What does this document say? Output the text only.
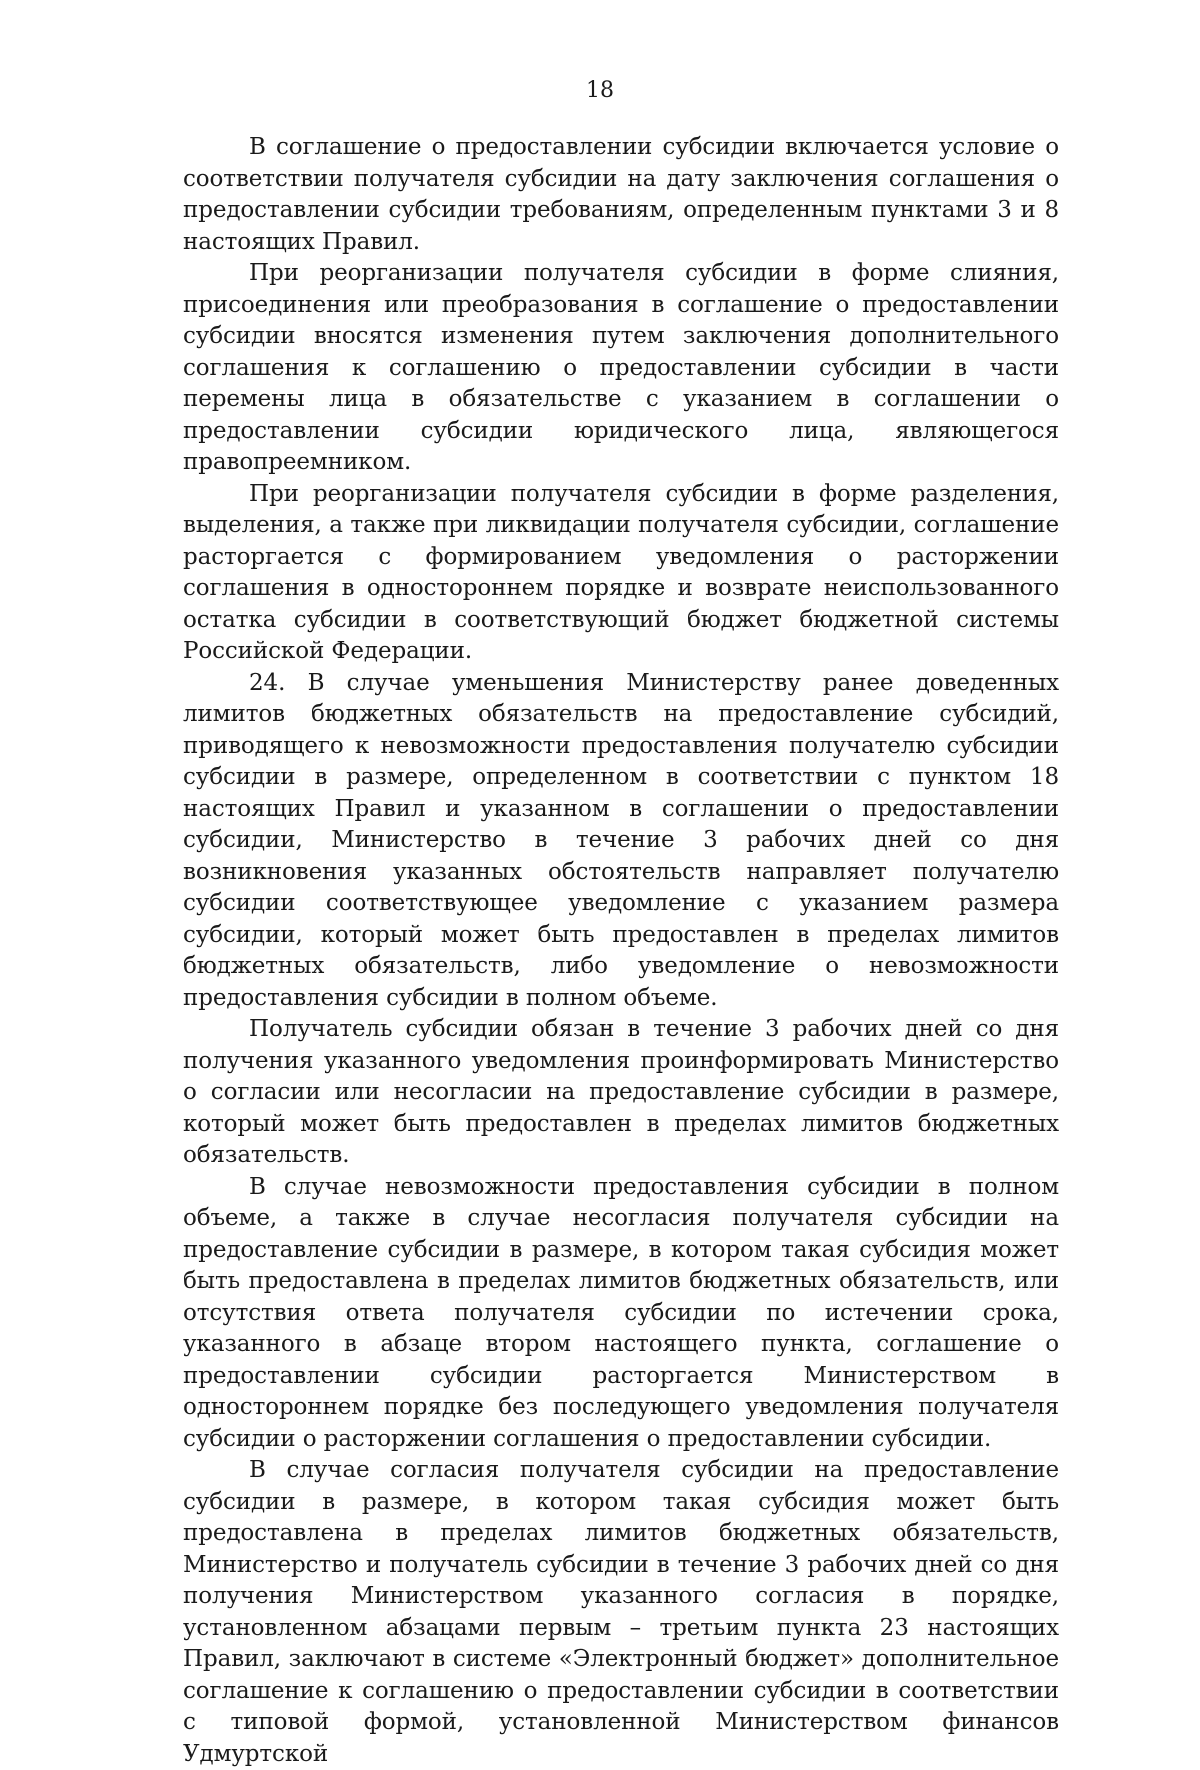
18

В соглашение о предоставлении субсидии включается условие о соответствии получателя субсидии на дату заключения соглашения о предоставлении субсидии требованиям, определенным пунктами 3 и 8 настоящих Правил.

При реорганизации получателя субсидии в форме слияния, присоединения или преобразования в соглашение о предоставлении субсидии вносятся изменения путем заключения дополнительного соглашения к соглашению о предоставлении субсидии в части перемены лица в обязательстве с указанием в соглашении о предоставлении субсидии юридического лица, являющегося правопреемником.

При реорганизации получателя субсидии в форме разделения, выделения, а также при ликвидации получателя субсидии, соглашение расторгается с формированием уведомления о расторжении соглашения в одностороннем порядке и возврате неиспользованного остатка субсидии в соответствующий бюджет бюджетной системы Российской Федерации.

24. В случае уменьшения Министерству ранее доведенных лимитов бюджетных обязательств на предоставление субсидий, приводящего к невозможности предоставления получателю субсидии субсидии в размере, определенном в соответствии с пунктом 18 настоящих Правил и указанном в соглашении о предоставлении субсидии, Министерство в течение 3 рабочих дней со дня возникновения указанных обстоятельств направляет получателю субсидии соответствующее уведомление с указанием размера субсидии, который может быть предоставлен в пределах лимитов бюджетных обязательств, либо уведомление о невозможности предоставления субсидии в полном объеме.

Получатель субсидии обязан в течение 3 рабочих дней со дня получения указанного уведомления проинформировать Министерство о согласии или несогласии на предоставление субсидии в размере, который может быть предоставлен в пределах лимитов бюджетных обязательств.

В случае невозможности предоставления субсидии в полном объеме, а также в случае несогласия получателя субсидии на предоставление субсидии в размере, в котором такая субсидия может быть предоставлена в пределах лимитов бюджетных обязательств, или отсутствия ответа получателя субсидии по истечении срока, указанного в абзаце втором настоящего пункта, соглашение о предоставлении субсидии расторгается Министерством в одностороннем порядке без последующего уведомления получателя субсидии о расторжении соглашения о предоставлении субсидии.

В случае согласия получателя субсидии на предоставление субсидии в размере, в котором такая субсидия может быть предоставлена в пределах лимитов бюджетных обязательств, Министерство и получатель субсидии в течение 3 рабочих дней со дня получения Министерством указанного согласия в порядке, установленном абзацами первым – третьим пункта 23 настоящих Правил, заключают в системе «Электронный бюджет» дополнительное соглашение к соглашению о предоставлении субсидии в соответствии с типовой формой, установленной Министерством финансов Удмуртской
